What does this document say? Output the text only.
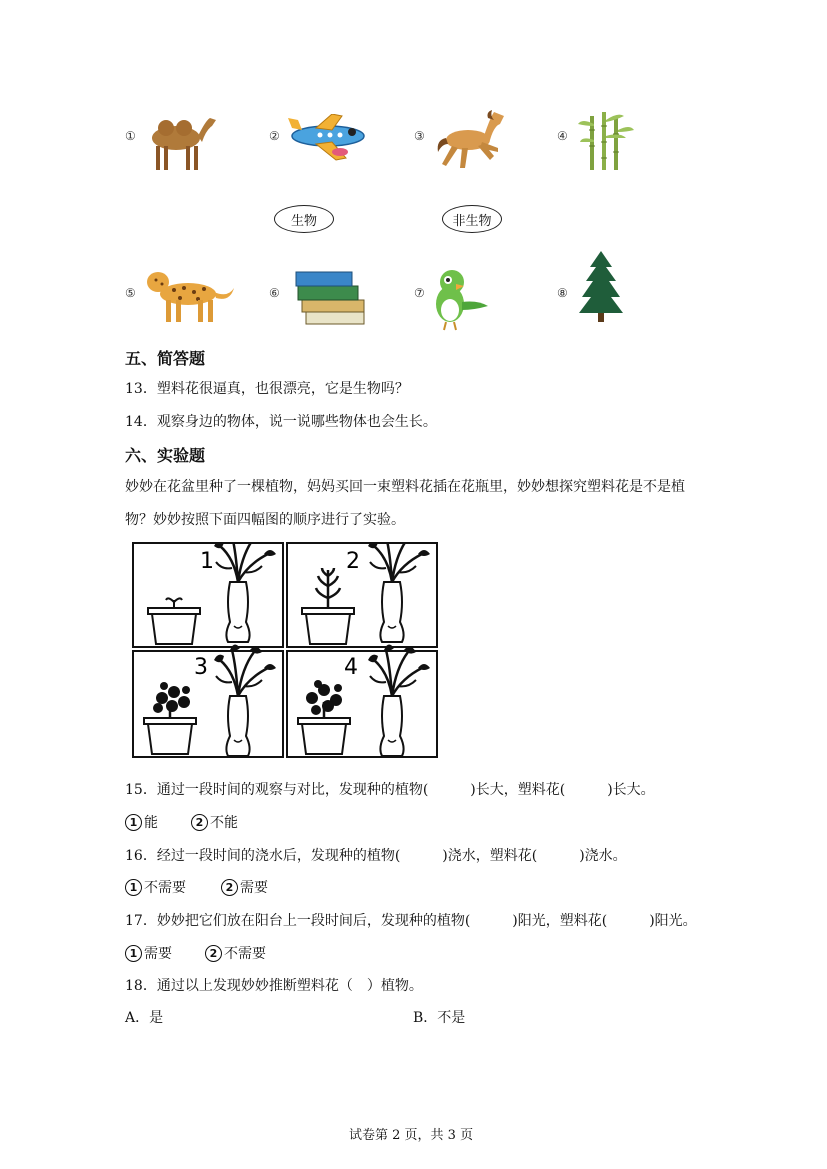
①	②	③	④
生物	非生物
⑤	⑥	⑦	⑧
五、简答题
13．塑料花很逼真，也很漂亮，它是生物吗？
14．观察身边的物体，说一说哪些物体也会生长。
六、实验题
妙妙在花盆里种了一棵植物，妈妈买回一束塑料花插在花瓶里，妙妙想探究塑料花是不是植
物？妙妙按照下面四幅图的顺序进行了实验。
1	2
3	4
15．通过一段时间的观察与对比，发现种的植物(　　　)长大，塑料花(　　　)长大。
1 能	2 不能
16．经过一段时间的浇水后，发现种的植物(　　　)浇水，塑料花(　　　)浇水。
1 不需要	2 需要
17．妙妙把它们放在阳台上一段时间后，发现种的植物(　　　)阳光，塑料花(　　　)阳光。
1 需要	2 不需要
18．通过以上发现妙妙推断塑料花（　）植物。
A．是	B．不是
试卷第 2 页，共 3 页
